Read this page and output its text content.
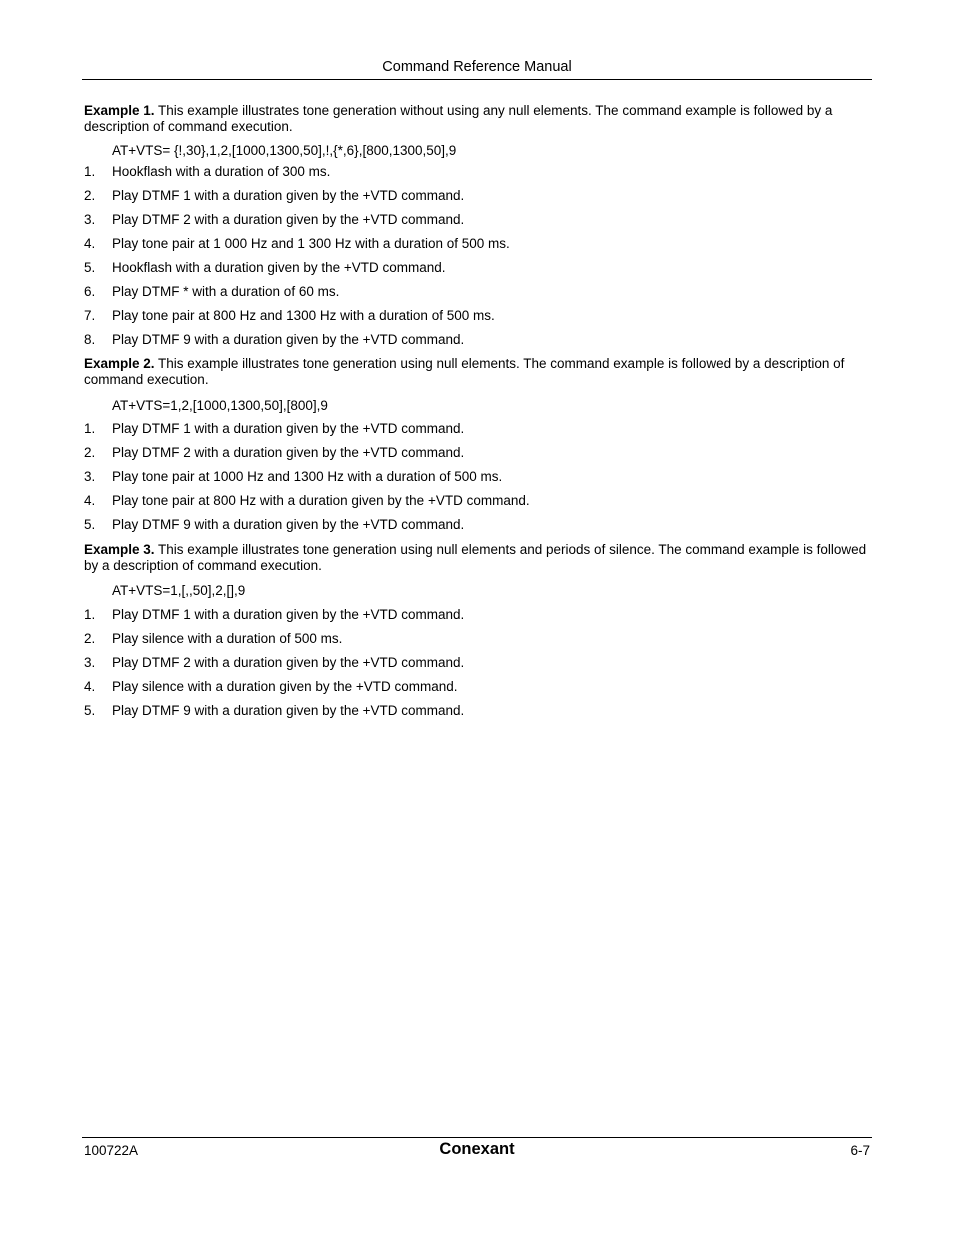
Command Reference Manual

Example 1. This example illustrates tone generation without using any null elements. The command example is followed by a description of command execution.

AT+VTS= {!,30},1,2,[1000,1300,50],!,{*,6},[800,1300,50],9

1. Hookflash with a duration of 300 ms.
2. Play DTMF 1 with a duration given by the +VTD command.
3. Play DTMF 2 with a duration given by the +VTD command.
4. Play tone pair at 1 000 Hz and 1 300 Hz with a duration of 500 ms.
5. Hookflash with a duration given by the +VTD command.
6. Play DTMF * with a duration of 60 ms.
7. Play tone pair at 800 Hz and 1300 Hz with a duration of 500 ms.
8. Play DTMF 9 with a duration given by the +VTD command.

Example 2. This example illustrates tone generation using null elements. The command example is followed by a description of command execution.

AT+VTS=1,2,[1000,1300,50],[800],9

1. Play DTMF 1 with a duration given by the +VTD command.
2. Play DTMF 2 with a duration given by the +VTD command.
3. Play tone pair at 1000 Hz and 1300 Hz with a duration of 500 ms.
4. Play tone pair at 800 Hz with a duration given by the +VTD command.
5. Play DTMF 9 with a duration given by the +VTD command.

Example 3. This example illustrates tone generation using null elements and periods of silence. The command example is followed by a description of command execution.

AT+VTS=1,[,,50],2,[],9

1. Play DTMF 1 with a duration given by the +VTD command.
2. Play silence with a duration of 500 ms.
3. Play DTMF 2 with a duration given by the +VTD command.
4. Play silence with a duration given by the +VTD command.
5. Play DTMF 9 with a duration given by the +VTD command.
100722A	Conexant	6-7
